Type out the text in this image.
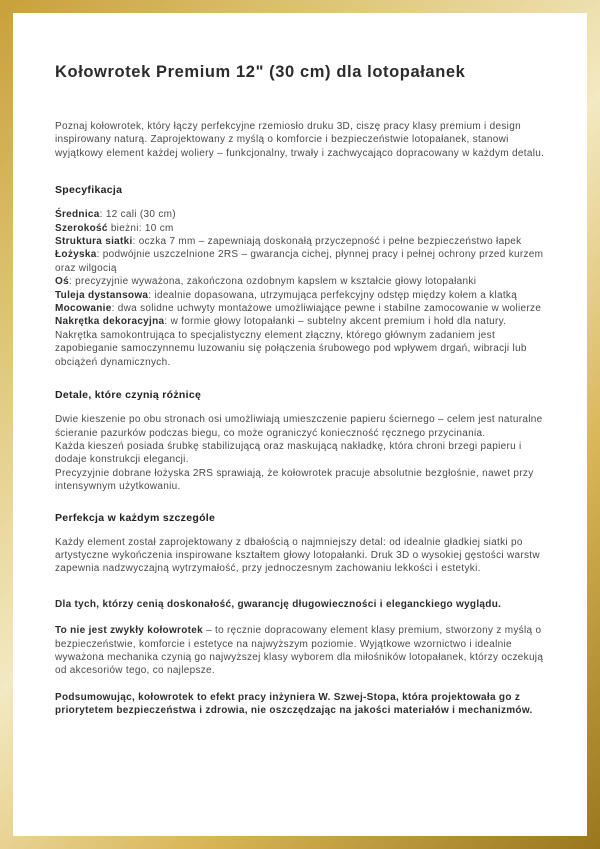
Kołowrotek Premium 12" (30 cm) dla lotopałanek

Poznaj kołowrotek, który łączy perfekcyjne rzemiosło druku 3D, ciszę pracy klasy premium i design inspirowany naturą. Zaprojektowany z myślą o komforcie i bezpieczeństwie lotopałanek, stanowi wyjątkowy element każdej woliery – funkcjonalny, trwały i zachwycająco dopracowany w każdym detalu.

Specyfikacja

Średnica: 12 cali (30 cm)

Szerokość bieżni: 10 cm

Struktura siatki: oczka 7 mm – zapewniają doskonałą przyczepność i pełne bezpieczeństwo łapek

Łożyska: podwójnie uszczelnione 2RS – gwarancja cichej, płynnej pracy i pełnej ochrony przed kurzem oraz wilgocią

Oś: precyzyjnie wyważona, zakończona ozdobnym kapslem w kształcie głowy lotopałanki

Tuleja dystansowa: idealnie dopasowana, utrzymująca perfekcyjny odstęp między kołem a klatką

Mocowanie: dwa solidne uchwyty montażowe umożliwiające pewne i stabilne zamocowanie w wolierze

Nakrętka dekoracyjna: w formie głowy lotopałanki – subtelny akcent premium i hołd dla natury. Nakrętka samokontrująca to specjalistyczny element złączny, którego głównym zadaniem jest zapobieganie samoczynnemu luzowaniu się połączenia śrubowego pod wpływem drgań, wibracji lub obciążeń dynamicznych.

Detale, które czynią różnicę

Dwie kieszenie po obu stronach osi umożliwiają umieszczenie papieru ściernego – celem jest naturalne ścieranie pazurków podczas biegu, co może ograniczyć konieczność ręcznego przycinania.

Każda kieszeń posiada śrubkę stabilizującą oraz maskującą nakładkę, która chroni brzegi papieru i dodaje konstrukcji elegancji.

Precyzyjnie dobrane łożyska 2RS sprawiają, że kołowrotek pracuje absolutnie bezgłośnie, nawet przy intensywnym użytkowaniu.

Perfekcja w każdym szczególe

Każdy element został zaprojektowany z dbałością o najmniejszy detal: od idealnie gładkiej siatki po artystyczne wykończenia inspirowane kształtem głowy lotopałanki. Druk 3D o wysokiej gęstości warstw zapewnia nadzwyczajną wytrzymałość, przy jednoczesnym zachowaniu lekkości i estetyki.

Dla tych, którzy cenią doskonałość, gwarancję długowieczności i eleganckiego wyglądu.

To nie jest zwykły kołowrotek – to ręcznie dopracowany element klasy premium, stworzony z myślą o bezpieczeństwie, komforcie i estetyce na najwyższym poziomie. Wyjątkowe wzornictwo i idealnie wyważona mechanika czynią go najwyższej klasy wyborem dla miłośników lotopałanek, którzy oczekują od akcesoriów tego, co najlepsze.

Podsumowując, kołowrotek to efekt pracy inżyniera W. Szwej-Stopa, która projektowała go z priorytetem bezpieczeństwa i zdrowia, nie oszczędzając na jakości materiałów i mechanizmów.
